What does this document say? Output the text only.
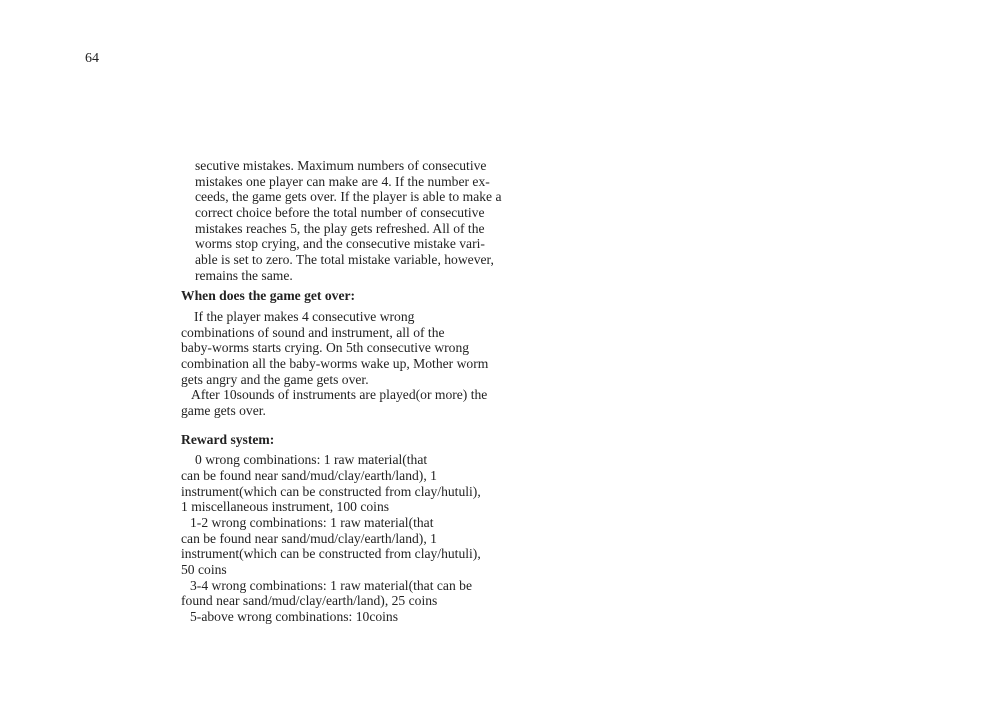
64
secutive mistakes. Maximum numbers of consecutive
mistakes one player can make are 4. If the number ex-
ceeds, the game gets over. If the player is able to make a
correct choice before the total number of consecutive
mistakes reaches 5, the play gets refreshed. All of the
worms stop crying, and the consecutive mistake vari-
able is set to zero. The total mistake variable, however,
remains the same.
When does the game get over:
If the player makes 4 consecutive wrong
combinations of sound and instrument, all of the
baby-worms starts crying. On 5th consecutive wrong
combination all the baby-worms wake up, Mother worm
gets angry and the game gets over.
After 10sounds of instruments are played(or more) the
game gets over.
Reward system:
0 wrong combinations: 1 raw material(that
can be found near sand/mud/clay/earth/land), 1
instrument(which can be constructed from clay/hutuli),
1 miscellaneous instrument, 100 coins
1-2 wrong combinations: 1 raw material(that
can be found near sand/mud/clay/earth/land), 1
instrument(which can be constructed from clay/hutuli),
50 coins
3-4 wrong combinations: 1 raw material(that can be
found near sand/mud/clay/earth/land), 25 coins
5-above wrong combinations: 10coins
